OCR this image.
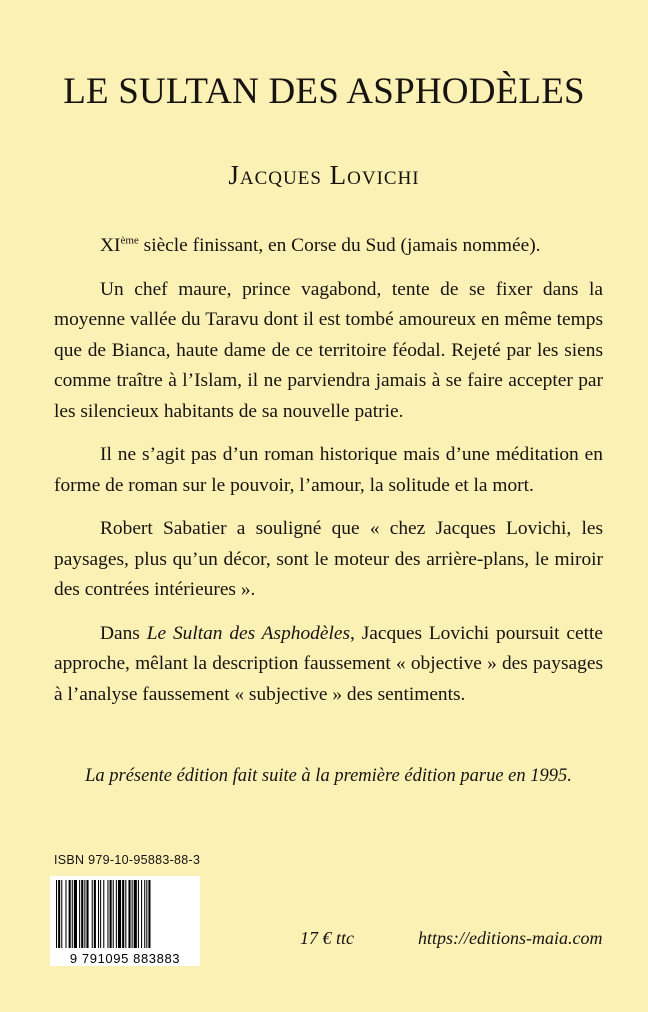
LE SULTAN DES ASPHODÈLES
Jacques Lovichi

XIème siècle finissant, en Corse du Sud (jamais nommée).

Un chef maure, prince vagabond, tente de se fixer dans la moyenne vallée du Taravu dont il est tombé amoureux en même temps que de Bianca, haute dame de ce territoire féodal. Rejeté par les siens comme traître à l’Islam, il ne parviendra jamais à se faire accepter par les silencieux habitants de sa nouvelle patrie.

Il ne s’agit pas d’un roman historique mais d’une méditation en forme de roman sur le pouvoir, l’amour, la solitude et la mort.

Robert Sabatier a souligné que « chez Jacques Lovichi, les paysages, plus qu’un décor, sont le moteur des arrière-plans, le miroir des contrées intérieures ».

Dans Le Sultan des Asphodèles, Jacques Lovichi poursuit cette approche, mêlant la description faussement « objective » des paysages à l’analyse faussement « subjective » des sentiments.

La présente édition fait suite à la première édition parue en 1995.
ISBN 979-10-95883-88-3
9 791095 883883
17 € ttc	https://editions-maia.com
